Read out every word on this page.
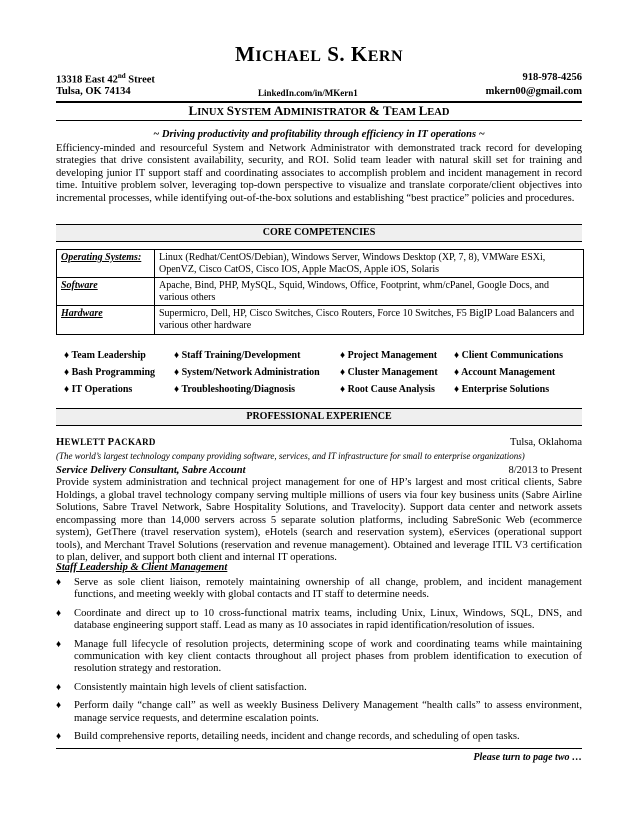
MICHAEL S. KERN
13318 East 42nd Street	918-978-4256
Tulsa, OK 74134	LinkedIn.com/in/MKern1	mkern00@gmail.com
LINUX SYSTEM ADMINISTRATOR & TEAM LEAD
~ Driving productivity and profitability through efficiency in IT operations ~
Efficiency-minded and resourceful System and Network Administrator with demonstrated track record for developing strategies that drive consistent availability, security, and ROI. Solid team leader with natural skill set for training and developing junior IT support staff and coordinating associates to accomplish problem and incident management in record time. Intuitive problem solver, leveraging top-down perspective to visualize and translate corporate/client objectives into incremental processes, while identifying out-of-the-box solutions and establishing “best practice” policies and procedures.
CORE COMPETENCIES
Operating Systems:	Linux (Redhat/CentOS/Debian), Windows Server, Windows Desktop (XP, 7, 8), VMWare ESXi, OpenVZ, Cisco CatOS, Cisco IOS, Apple MacOS, Apple iOS, Solaris
Software	Apache, Bind, PHP, MySQL, Squid, Windows, Office, Footprint, whm/cPanel, Google Docs, and various others
Hardware	Supermicro, Dell, HP, Cisco Switches, Cisco Routers, Force 10 Switches, F5 BigIP Load Balancers and various other hardware
♦ Team Leadership	♦ Staff Training/Development	♦ Project Management ♦ Client Communications
♦ Bash Programming ♦ System/Network Administration ♦ Cluster Management ♦ Account Management
♦ IT Operations	♦ Troubleshooting/Diagnosis	♦ Root Cause Analysis ♦ Enterprise Solutions
PROFESSIONAL EXPERIENCE
HEWLETT PACKARD	Tulsa, Oklahoma
(The world’s largest technology company providing software, services, and IT infrastructure for small to enterprise organizations)
Service Delivery Consultant, Sabre Account	8/2013 to Present
Provide system administration and technical project management for one of HP’s largest and most critical clients, Sabre Holdings, a global travel technology company serving multiple millions of users via four key business units (Sabre Airline Solutions, Sabre Travel Network, Sabre Hospitality Solutions, and Travelocity). Support data center and network assets encompassing more than 14,000 servers across 5 separate solution platforms, including SabreSonic Web (ecommerce system), GetThere (travel reservation system), eHotels (search and reservation system), eServices (operational support tools), and Merchant Travel Solutions (reservation and revenue management). Obtained and leverage ITIL V3 certification to plan, deliver, and support both client and internal IT operations.
Staff Leadership & Client Management
♦ Serve as sole client liaison, remotely maintaining ownership of all change, problem, and incident management functions, and meeting weekly with global contacts and IT staff to determine needs.
♦ Coordinate and direct up to 10 cross-functional matrix teams, including Unix, Linux, Windows, SQL, DNS, and database engineering support staff. Lead as many as 10 associates in rapid identification/resolution of issues.
♦ Manage full lifecycle of resolution projects, determining scope of work and coordinating teams while maintaining communication with key client contacts throughout all project phases from problem identification to execution of resolution strategy and restoration.
♦ Consistently maintain high levels of client satisfaction.
♦ Perform daily “change call” as well as weekly Business Delivery Management “health calls” to assess environment, manage service requests, and determine escalation points.
♦ Build comprehensive reports, detailing needs, incident and change records, and scheduling of open tasks.
Please turn to page two …
